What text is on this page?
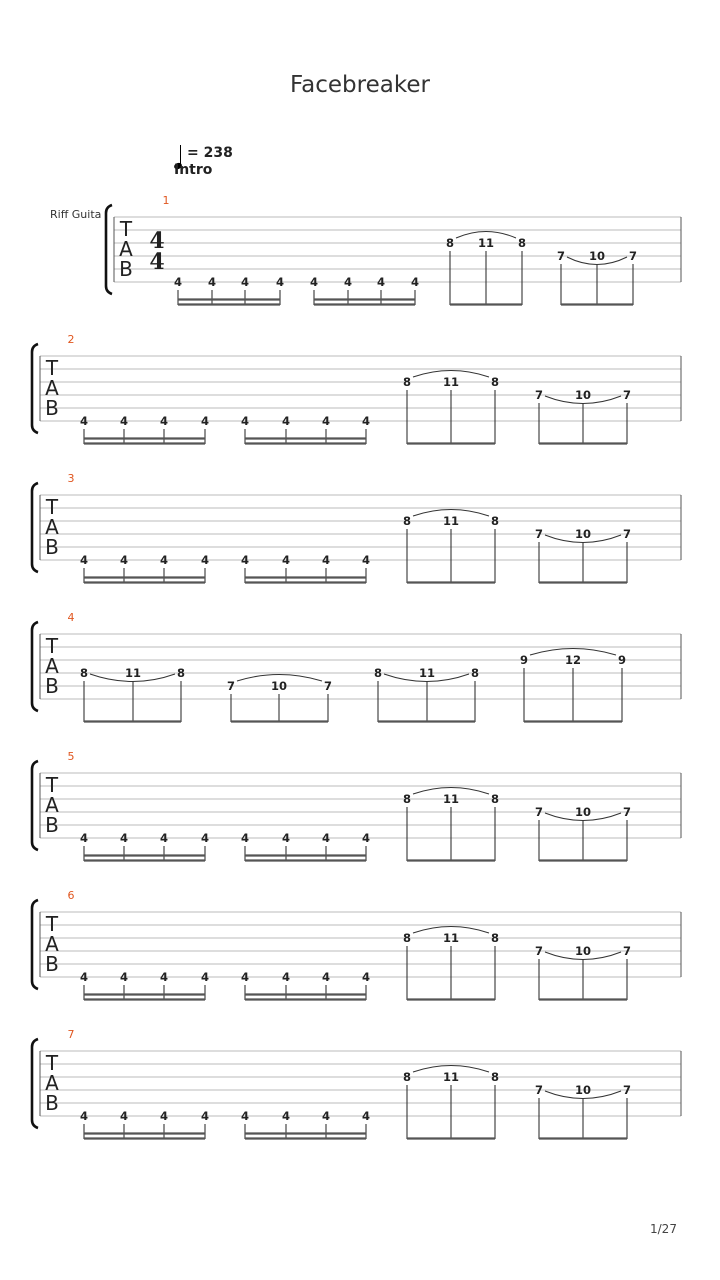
Facebreaker
= 238
Intro
Riff Guita
T
A
B
1
4
4
4 4 4 4 4 4 4 4
8 11 8
7 10 7
T
A
B
2
4	4	4	4	4	4	4	4
8	11	8
7	10	7
T
A
B
3
4	4	4	4	4	4	4	4
8	11	8
7	10	7
T
A
B
4
8	11	8
7	10	7
8	11	8
9	12	9
T
A
B
5
4	4	4	4	4	4	4	4
8	11	8
7	10	7
T
A
B
6
4	4	4	4	4	4	4	4
8	11	8
7	10	7
T
A
B
7
4	4	4	4	4	4	4	4
8	11	8
7	10	7
1/27
